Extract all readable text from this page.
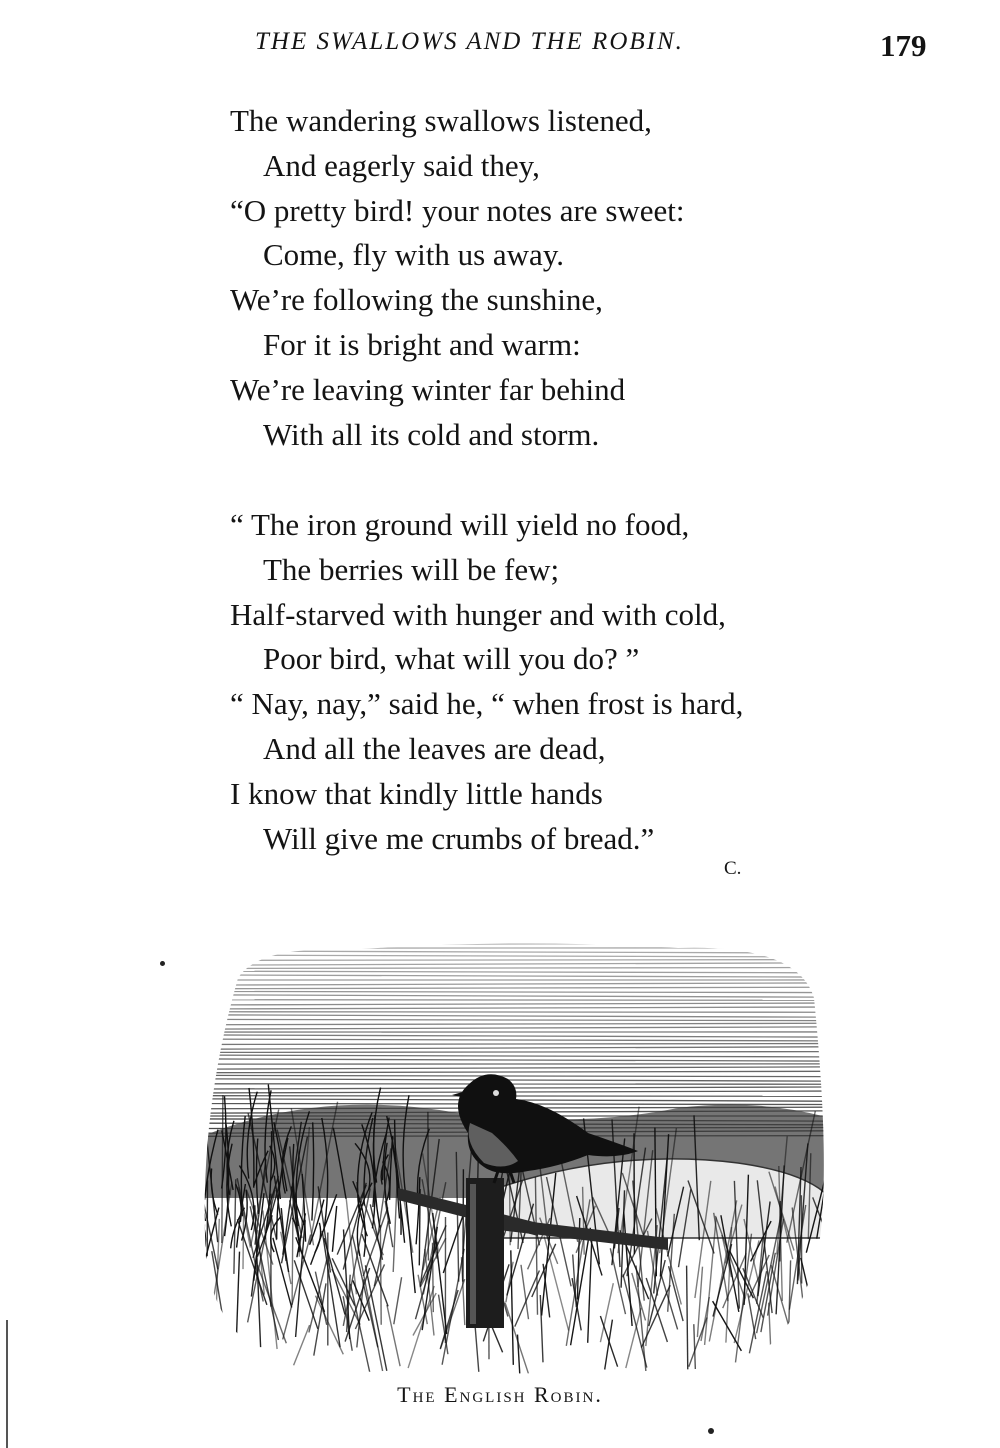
THE SWALLOWS AND THE ROBIN.	179
The wandering swallows listened,
And eagerly said they,
“O pretty bird! your notes are sweet:
Come, fly with us away.
We’re following the sunshine,
For it is bright and warm:
We’re leaving winter far behind
With all its cold and storm.
“ The iron ground will yield no food,
The berries will be few;
Half-starved with hunger and with cold,
Poor bird, what will you do? ”
“ Nay, nay,” said he, “ when frost is hard,
And all the leaves are dead,
I know that kindly little hands
Will give me crumbs of bread.”
C.
The English Robin.
